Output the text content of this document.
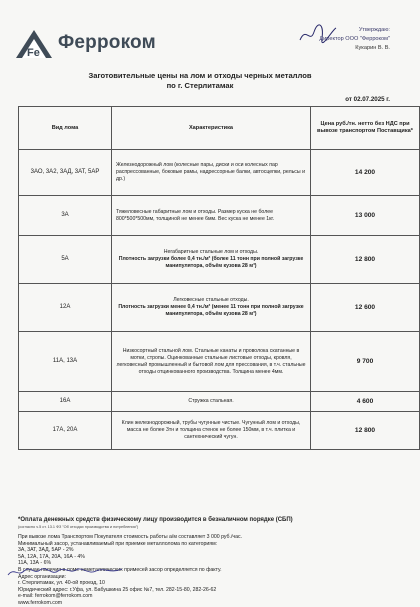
Fe Ферроком
Утверждаю:
Директор ООО "Ферроком"
Кукарин В. В.
Заготовительные цены на лом и отходы черных металлов
по г. Стерлитамак
от 02.07.2025 г.
Вид лома	Характеристика	Цена руб./тн. нетто без НДС при вывозе транспортом Поставщика*
3АО, 3А2, 3АД, 3АТ, 5АР	Железнодорожный лом (колесные пары, диски и оси колесных пар распрессованные, боковые рамы, надрессорные балки, автосцепки, рельсы и др.)	14 200
3А	Тяжеловесные габаритные лом и отходы. Размер куска не более 800*500*500мм, толщиной не менее 6мм. Вес куска не менее 1кг.	13 000
5А	Негабаритные стальные лом и отходы.
Плотность загрузки более 0,4 тн./м³ (более 11 тонн при полной загрузке манипулятора, объём кузова 28 м³)	12 800
12А	Легковесные стальные отходы.
Плотность загрузки менее 0,4 тн./м³ (менее 11 тонн при полной загрузке манипулятора, объём кузова 28 м³)	12 600
11А, 13А	Низкосортный стальной лом. Стальные канаты и проволока скатанные в мотки, стропы. Оцинкованные стальные листовые отходы, кровля, легковесный промышленный и бытовой лом для прессования, в т.ч. стальные отходы отцинкованного производства. Толщина менее 4мм.	9 700
16А	Стружка стальная.	4 600
17А, 20А	Клин железнодорожный, трубы чугунные чистые. Чугунный лом и отходы, масса не более 3тн и толщина стенок не более 150мм, в т.ч. плитка и сантехнический чугун.	12 800
*Оплата денежных средств физическому лицу производится в безналичном порядке (СБП)
(согласно ч.5 ст. 13.1 ФЗ "Об отходах производства и потребления")
При вывозе лома Транспортом Покупателя стоимость работы а/м составляет 3 000 руб./час.
Минимальный засор, устанавливаемый при приемке металлолома по категориям:
3А, 3АТ, 3АД, 5АР - 2%
5А, 12А, 17А, 20А, 16А - 4%
11А, 13А - 6%
В случае наличия в ломе неметаллических примесей засор определяется по факту.
Адрес организации:
г. Стерлитамак, ул. 40-ой проезд, 10
Юридический адрес: г.Уфа, ул. Бабушкина 25 офис №7, тел. 282-15-80, 282-26-62
e-mail: ferrokom@ferrokom.com
www.ferrokom.com
